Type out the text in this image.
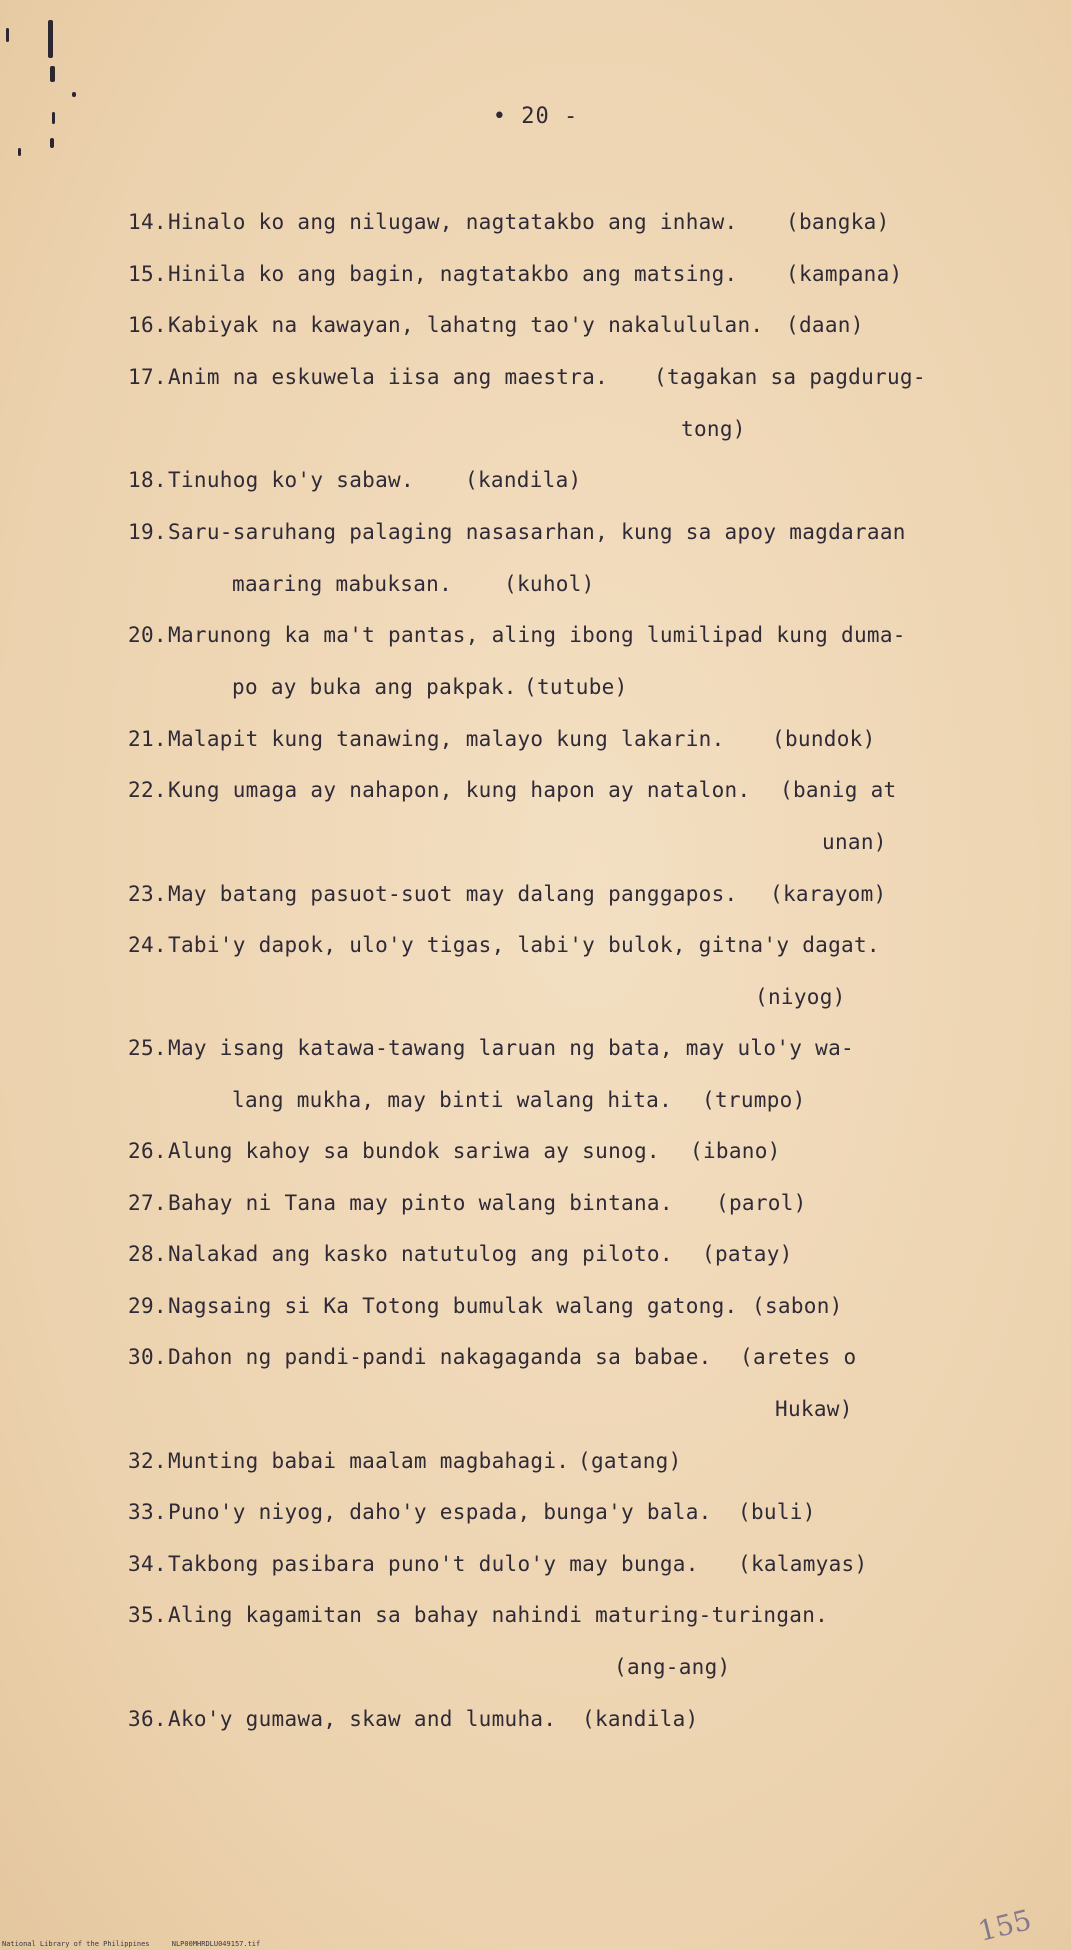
• 20 -
14. Hinalo ko ang nilugaw, nagtatakbo ang inhaw. (bangka)
15. Hinila ko ang bagin, nagtatakbo ang matsing. (kampana)
16. Kabiyak na kawayan, lahatng tao'y nakalululan. (daan)
17. Anim na eskuwela iisa ang maestra. (tagakan sa pagdurug-
tong)
18. Tinuhog ko'y sabaw. (kandila)
19. Saru-saruhang palaging nasasarhan, kung sa apoy magdaraan
maaring mabuksan. (kuhol)
20. Marunong ka ma't pantas, aling ibong lumilipad kung duma-
po ay buka ang pakpak. (tutube)
21. Malapit kung tanawing, malayo kung lakarin. (bundok)
22. Kung umaga ay nahapon, kung hapon ay natalon. (banig at
unan)
23. May batang pasuot-suot may dalang panggapos. (karayom)
24. Tabi'y dapok, ulo'y tigas, labi'y bulok, gitna'y dagat.
(niyog)
25. May isang katawa-tawang laruan ng bata, may ulo'y wa-
lang mukha, may binti walang hita. (trumpo)
26. Alung kahoy sa bundok sariwa ay sunog. (ibano)
27. Bahay ni Tana may pinto walang bintana. (parol)
28. Nalakad ang kasko natutulog ang piloto. (patay)
29. Nagsaing si Ka Totong bumulak walang gatong. (sabon)
30. Dahon ng pandi-pandi nakagaganda sa babae. (aretes o
Hukaw)
32. Munting babai maalam magbahagi. (gatang)
33. Puno'y niyog, daho'y espada, bunga'y bala. (buli)
34. Takbong pasibara puno't dulo'y may bunga. (kalamyas)
35. Aling kagamitan sa bahay nahindi maturing-turingan.
(ang-ang)
36. Ako'y gumawa, skaw and lumuha. (kandila)
155
National Library of the Philippines	NLP00MHRDLU049157.tif
